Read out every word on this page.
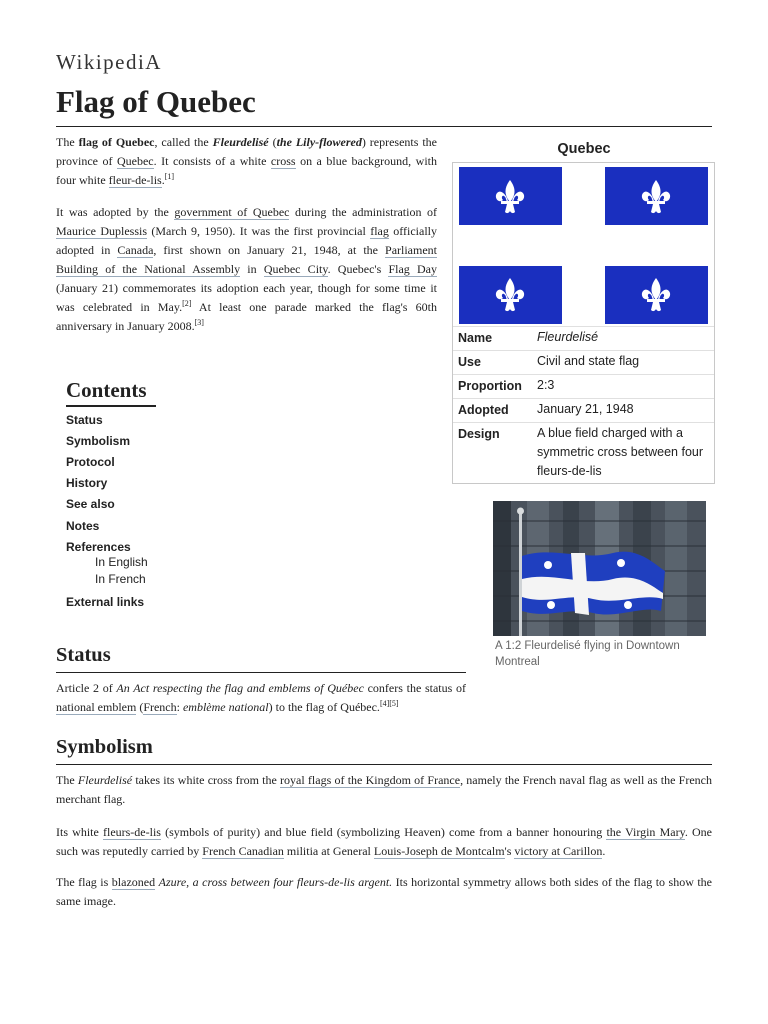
WikipediA
Flag of Quebec
The flag of Quebec, called the Fleurdelisé (the Lily-flowered) represents the province of Quebec. It consists of a white cross on a blue background, with four white fleur-de-lis.[1]
It was adopted by the government of Quebec during the administration of Maurice Duplessis (March 9, 1950). It was the first provincial flag officially adopted in Canada, first shown on January 21, 1948, at the Parliament Building of the National Assembly in Quebec City. Quebec's Flag Day (January 21) commemorates its adoption each year, though for some time it was celebrated in May.[2] At least one parade marked the flag's 60th anniversary in January 2008.[3]
Quebec
Name	Fleurdelisé
Use	Civil and state flag
Proportion 2:3
Adopted January 21, 1948
Design	A blue field charged with a symmetric cross between four fleurs-de-lis
A 1:2 Fleurdelisé flying in Downtown Montreal
Contents
Status
Symbolism
Protocol
History
See also
Notes
References
In English
In French
External links
Status
Article 2 of An Act respecting the flag and emblems of Québec confers the status of national emblem (French: emblème national) to the flag of Québec.[4][5]
Symbolism
The Fleurdelisé takes its white cross from the royal flags of the Kingdom of France, namely the French naval flag as well as the French merchant flag.
Its white fleurs-de-lis (symbols of purity) and blue field (symbolizing Heaven) come from a banner honouring the Virgin Mary. One such was reputedly carried by French Canadian militia at General Louis-Joseph de Montcalm's victory at Carillon.
The flag is blazoned Azure, a cross between four fleurs-de-lis argent. Its horizontal symmetry allows both sides of the flag to show the same image.
